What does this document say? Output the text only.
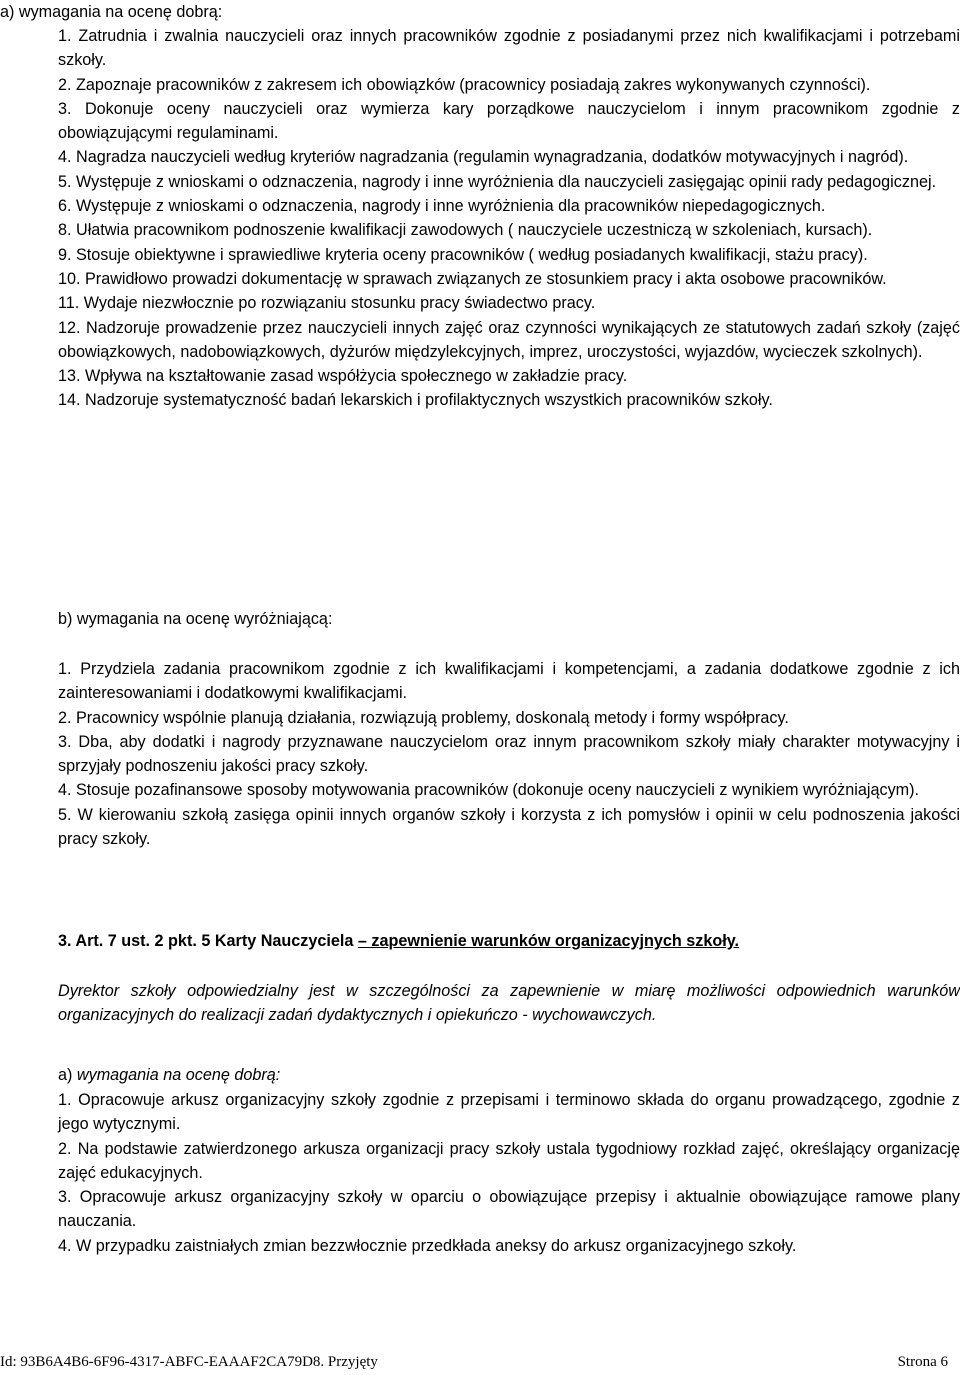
a) wymagania na ocenę dobrą:

1. Zatrudnia i zwalnia nauczycieli oraz innych pracowników zgodnie z posiadanymi przez nich kwalifikacjami i potrzebami szkoły.

2. Zapoznaje pracowników z zakresem ich obowiązków (pracownicy posiadają zakres wykonywanych czynności).

3. Dokonuje oceny nauczycieli oraz wymierza kary porządkowe nauczycielom i innym pracownikom zgodnie z obowiązującymi regulaminami.

4. Nagradza nauczycieli według kryteriów nagradzania (regulamin wynagradzania, dodatków motywacyjnych i nagród).

5. Występuje z wnioskami o odznaczenia, nagrody i inne wyróżnienia dla nauczycieli zasięgając opinii rady pedagogicznej.

6. Występuje z wnioskami o odznaczenia, nagrody i inne wyróżnienia dla pracowników niepedagogicznych.

8. Ułatwia pracownikom podnoszenie kwalifikacji zawodowych ( nauczyciele uczestniczą w szkoleniach, kursach).

9. Stosuje obiektywne i sprawiedliwe kryteria oceny pracowników ( według posiadanych kwalifikacji, stażu pracy).

10. Prawidłowo prowadzi dokumentację w sprawach związanych ze stosunkiem pracy i akta osobowe pracowników.

11. Wydaje niezwłocznie po rozwiązaniu stosunku pracy świadectwo pracy.

12. Nadzoruje prowadzenie przez nauczycieli innych zajęć oraz czynności wynikających ze statutowych zadań szkoły (zajęć obowiązkowych, nadobowiązkowych, dyżurów międzylekcyjnych, imprez, uroczystości, wyjazdów, wycieczek szkolnych).

13. Wpływa na kształtowanie zasad współżycia społecznego w zakładzie pracy.

14. Nadzoruje systematyczność badań lekarskich i profilaktycznych wszystkich pracowników szkoły.

b) wymagania na ocenę wyróżniającą:

1. Przydziela zadania pracownikom zgodnie z ich kwalifikacjami i kompetencjami, a zadania dodatkowe zgodnie z ich zainteresowaniami i dodatkowymi kwalifikacjami.

2. Pracownicy wspólnie planują działania, rozwiązują problemy, doskonalą metody i formy współpracy.

3. Dba, aby dodatki i nagrody przyznawane nauczycielom oraz innym pracownikom szkoły miały charakter motywacyjny i sprzyjały podnoszeniu jakości pracy szkoły.

4. Stosuje pozafinansowe sposoby motywowania pracowników (dokonuje oceny nauczycieli z wynikiem wyróżniającym).

5. W kierowaniu szkołą zasięga opinii innych organów szkoły i korzysta z ich pomysłów i opinii w celu podnoszenia jakości pracy szkoły.

3. Art. 7 ust. 2 pkt. 5 Karty Nauczyciela – zapewnienie warunków organizacyjnych szkoły.

Dyrektor szkoły odpowiedzialny jest w szczególności za zapewnienie w miarę możliwości odpowiednich warunków organizacyjnych do realizacji zadań dydaktycznych i opiekuńczo - wychowawczych.

a) wymagania na ocenę dobrą:

1. Opracowuje arkusz organizacyjny szkoły zgodnie z przepisami i terminowo składa do organu prowadzącego, zgodnie z jego wytycznymi.

2. Na podstawie zatwierdzonego arkusza organizacji pracy szkoły ustala tygodniowy rozkład zajęć, określający organizację zajęć edukacyjnych.

3. Opracowuje arkusz organizacyjny szkoły w oparciu o obowiązujące przepisy i aktualnie obowiązujące ramowe plany nauczania.

4. W przypadku zaistniałych zmian bezzwłocznie przedkłada aneksy do arkusz organizacyjnego szkoły.

Id: 93B6A4B6-6F96-4317-ABFC-EAAAF2CA79D8. Przyjęty	Strona 6
